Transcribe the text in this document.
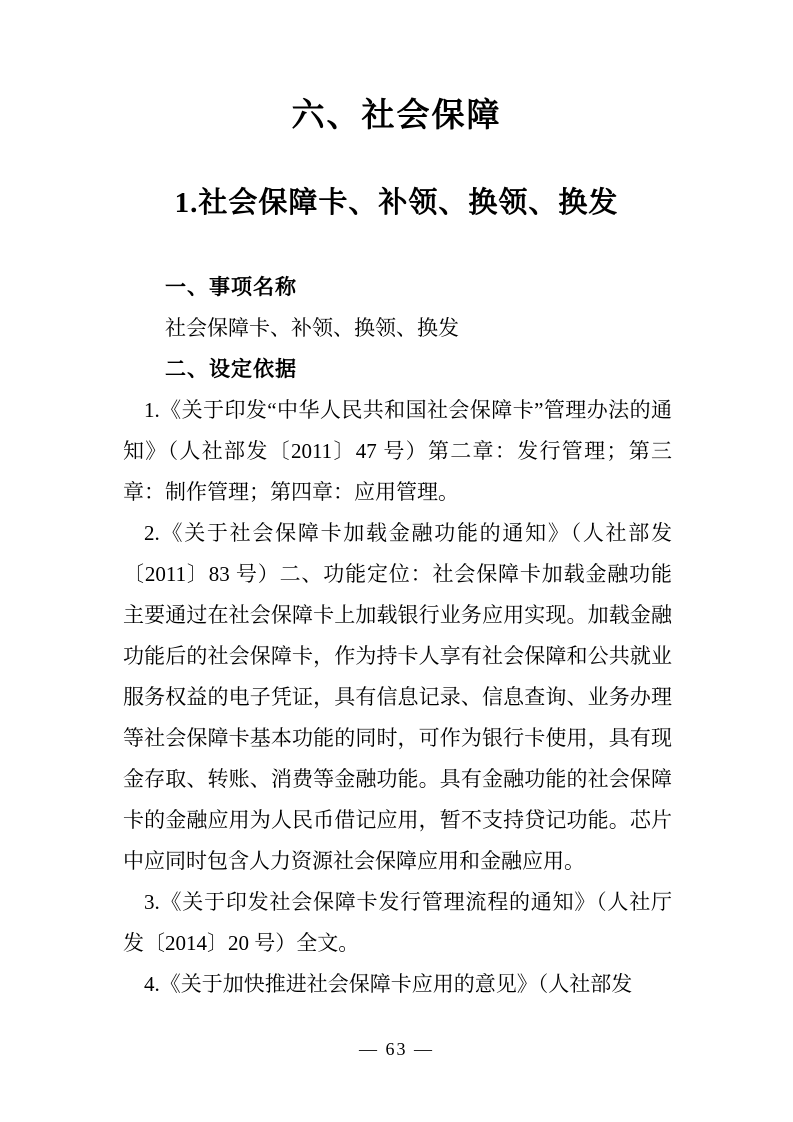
六、社会保障
1.社会保障卡、补领、换领、换发

一、事项名称

社会保障卡、补领、换领、换发

二、设定依据

1.《关于印发“中华人民共和国社会保障卡”管理办法的通知》（人社部发〔2011〕47 号）第二章：发行管理；第三章：制作管理；第四章：应用管理。

2.《关于社会保障卡加载金融功能的通知》（人社部发〔2011〕83 号）二、功能定位：社会保障卡加载金融功能主要通过在社会保障卡上加载银行业务应用实现。加载金融功能后的社会保障卡，作为持卡人享有社会保障和公共就业服务权益的电子凭证，具有信息记录、信息查询、业务办理等社会保障卡基本功能的同时，可作为银行卡使用，具有现金存取、转账、消费等金融功能。具有金融功能的社会保障卡的金融应用为人民币借记应用，暂不支持贷记功能。芯片中应同时包含人力资源社会保障应用和金融应用。

3.《关于印发社会保障卡发行管理流程的通知》（人社厅发〔2014〕20 号）全文。

4.《关于加快推进社会保障卡应用的意见》（人社部发

— 63 —
